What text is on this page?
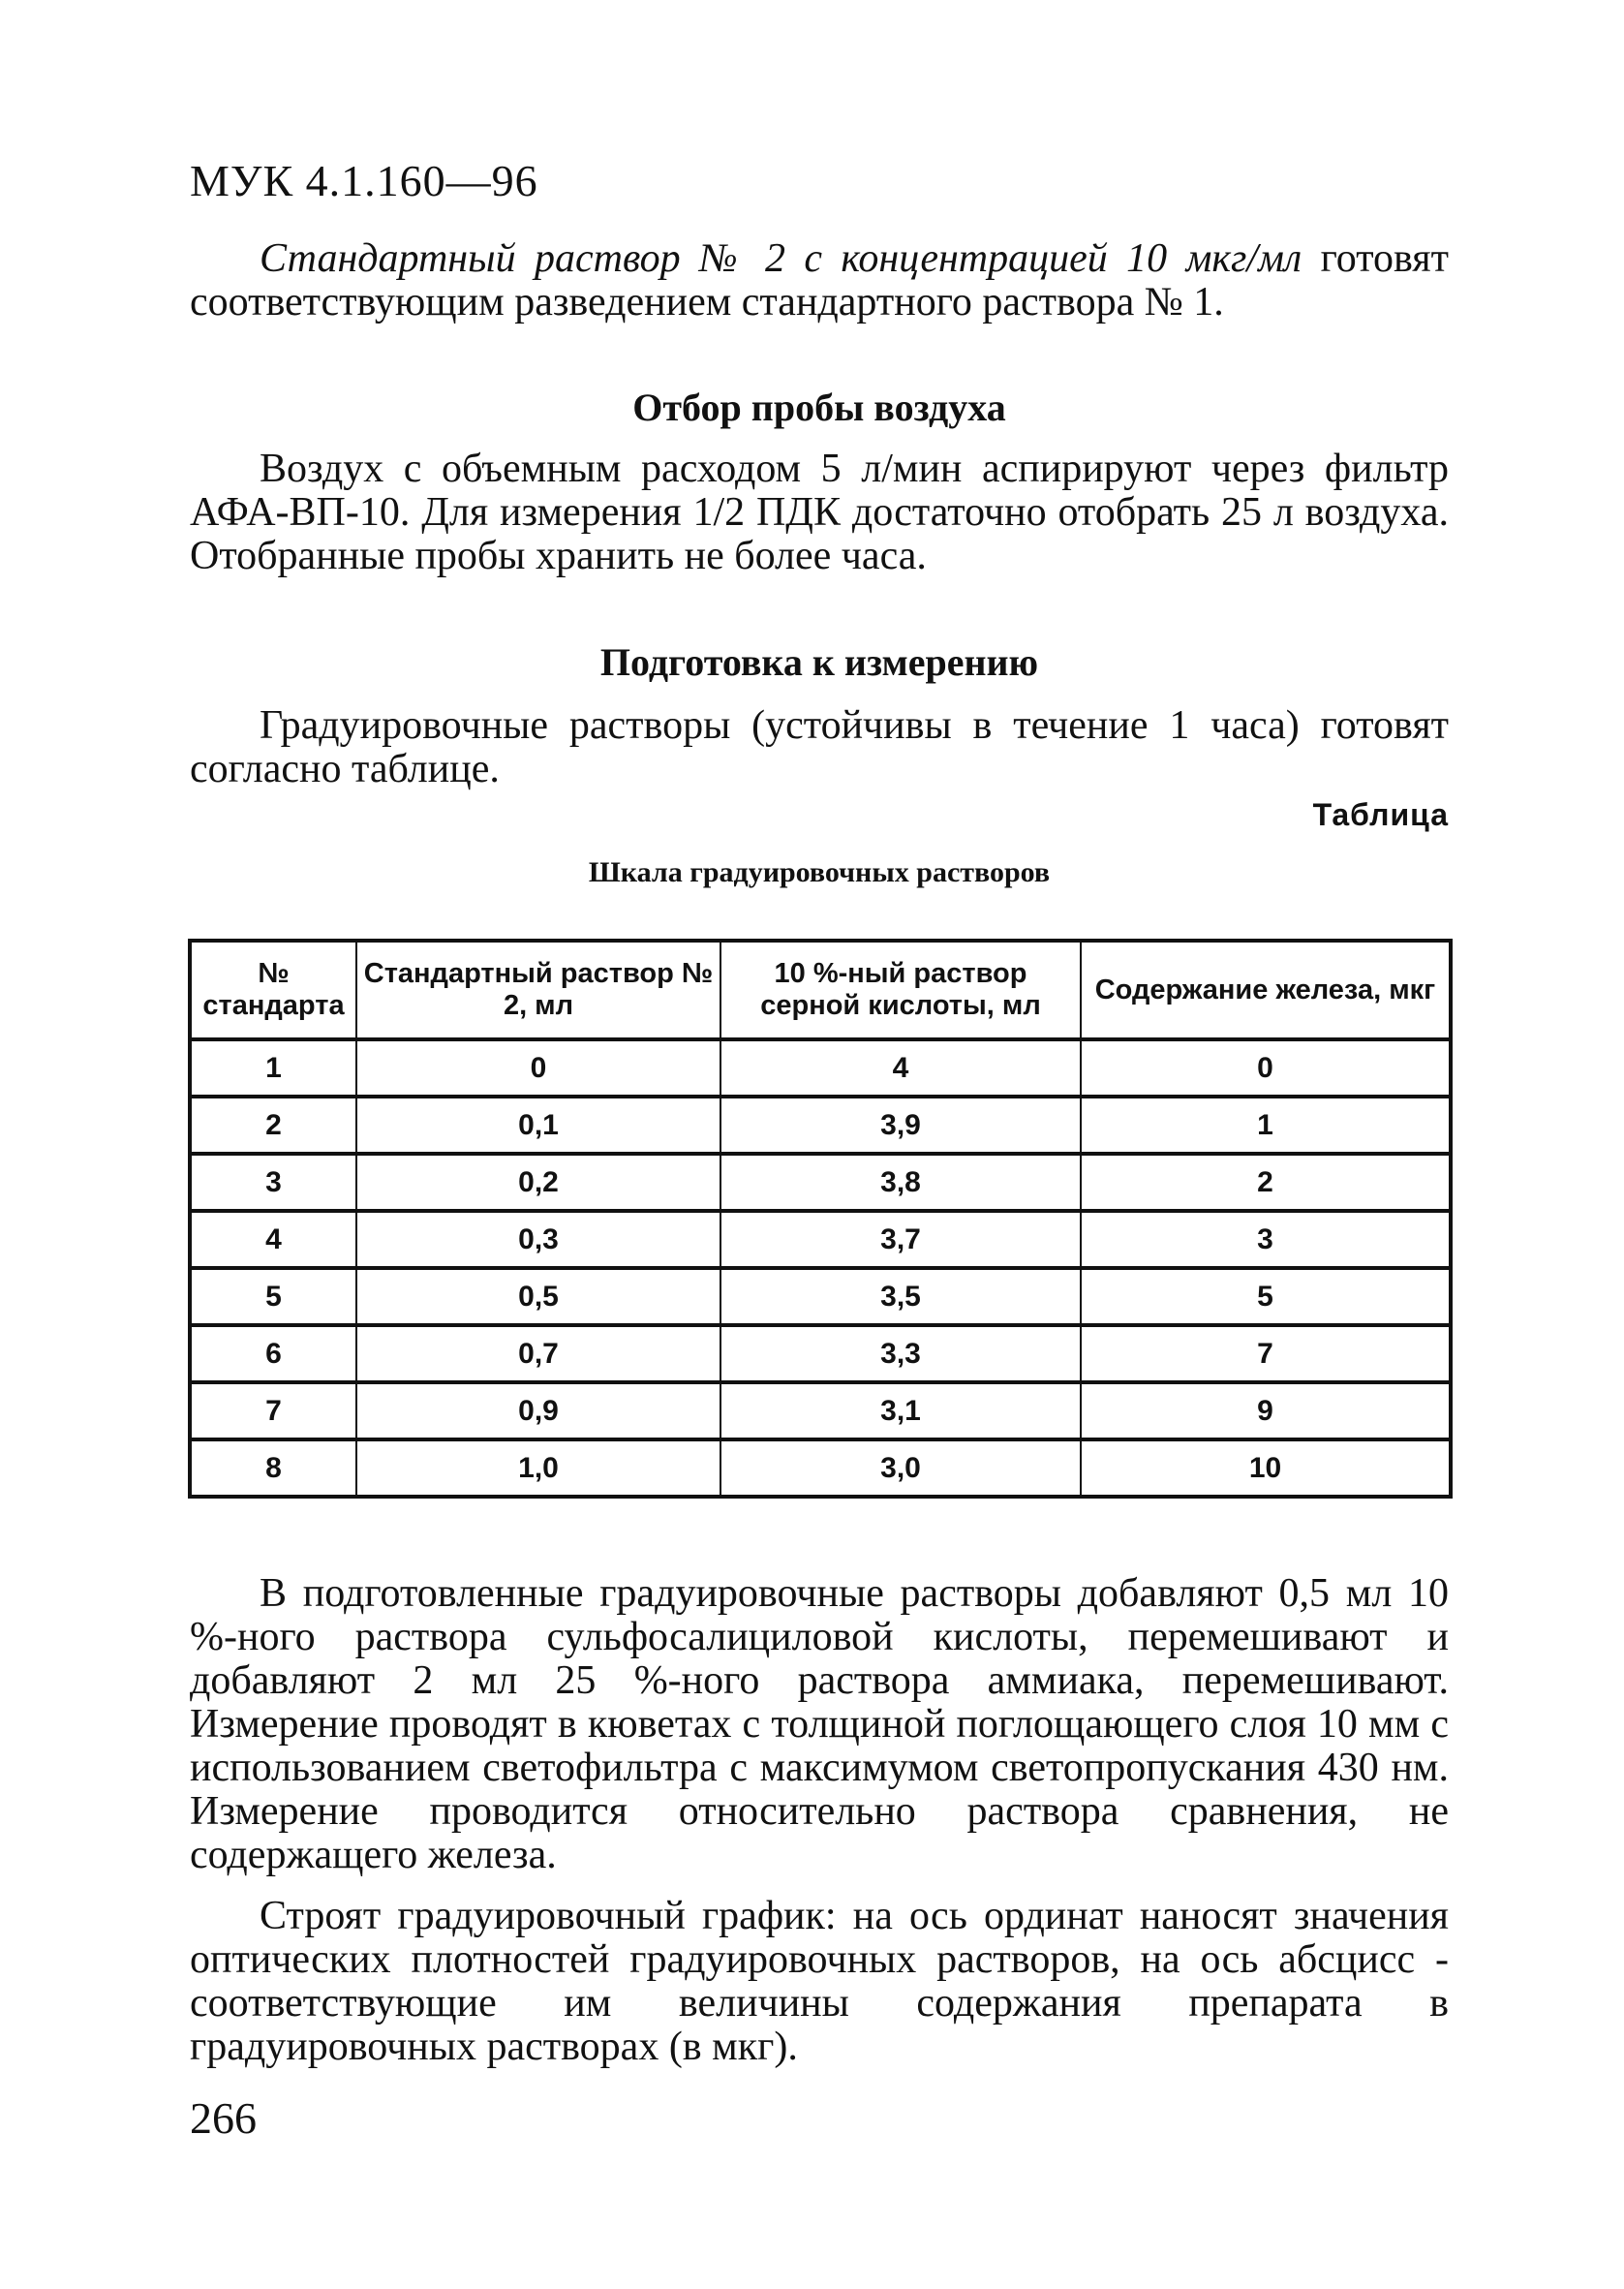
МУК 4.1.160—96
Стандартный раствор № 2 с концентрацией 10 мкг/мл готовят соответствующим разведением стандартного раствора № 1.
Отбор пробы воздуха
Воздух с объемным расходом 5 л/мин аспирируют через фильтр АФА-ВП-10. Для измерения 1/2 ПДК достаточно отобрать 25 л воздуха. Отобранные пробы хранить не более часа.
Подготовка к измерению
Градуировочные растворы (устойчивы в течение 1 часа) готовят согласно таблице.
Таблица
Шкала градуировочных растворов
№ стандарта	Стандартный раствор № 2, мл	10 %-ный раствор серной кислоты, мл	Содержание железа, мкг
1	0	4	0
2	0,1	3,9	1
3	0,2	3,8	2
4	0,3	3,7	3
5	0,5	3,5	5
6	0,7	3,3	7
7	0,9	3,1	9
8	1,0	3,0	10
В подготовленные градуировочные растворы добавляют 0,5 мл 10 %-ного раствора сульфосалициловой кислоты, перемешивают и добавляют 2 мл 25 %-ного раствора аммиака, перемешивают. Измерение проводят в кюветах с толщиной поглощающего слоя 10 мм с использованием светофильтра с максимумом светопропускания 430 нм. Измерение проводится относительно раствора сравнения, не содержащего железа.
Строят градуировочный график: на ось ординат наносят значения оптических плотностей градуировочных растворов, на ось абсцисс - соответствующие им величины содержания препарата в градуировочных растворах (в мкг).
266
